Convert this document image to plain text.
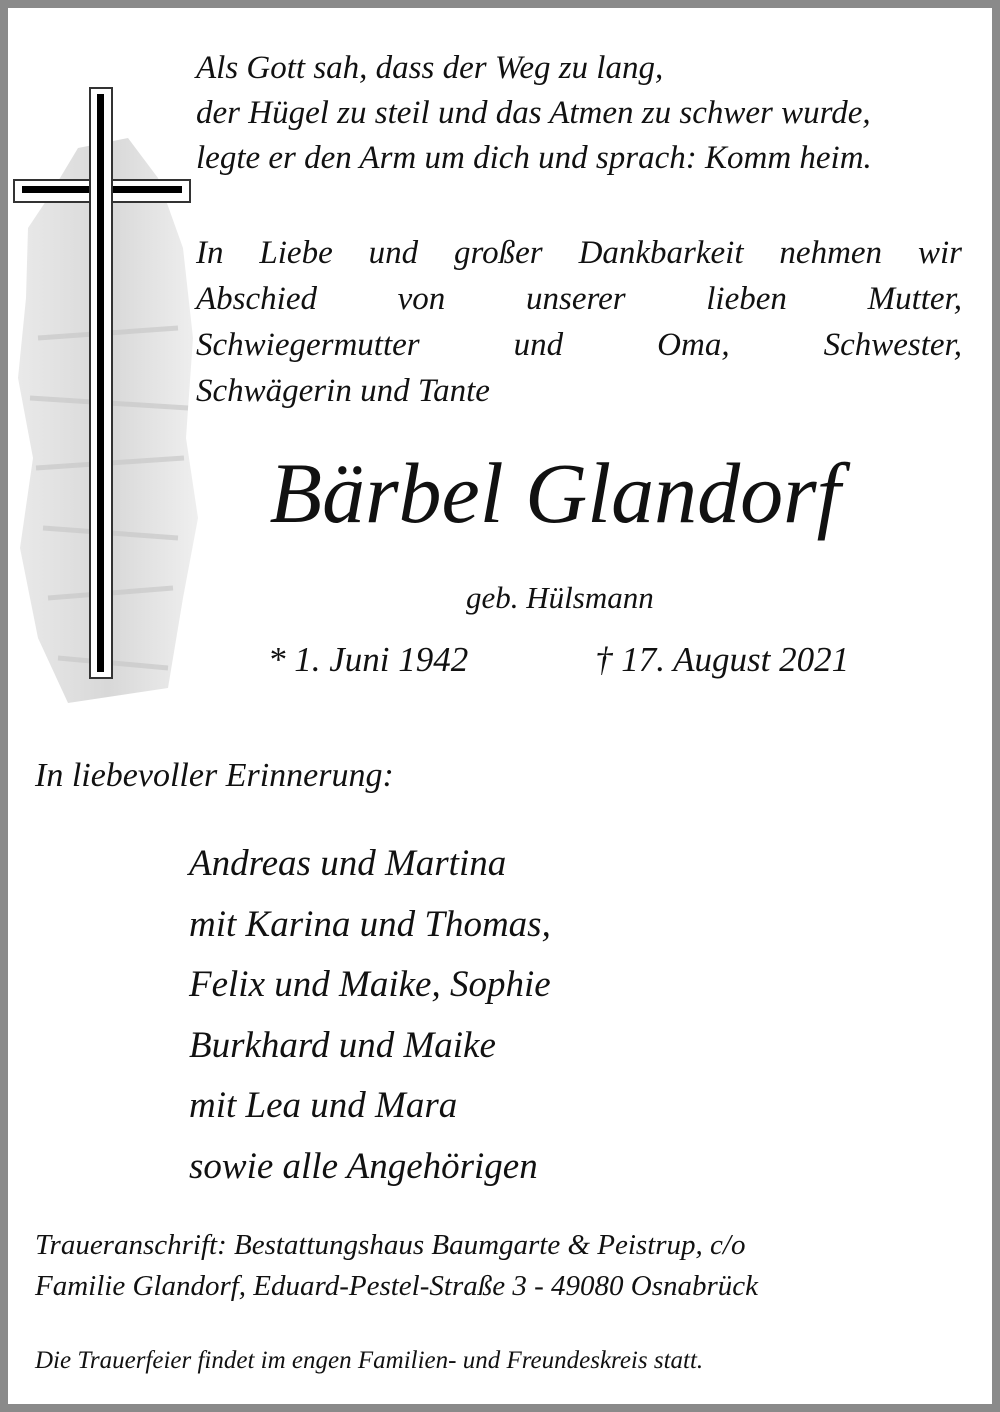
Als Gott sah, dass der Weg zu lang,
der Hügel zu steil und das Atmen zu schwer wurde,
legte er den Arm um dich und sprach: Komm heim.
In Liebe und großer Dankbarkeit nehmen wir
Abschied von unserer lieben Mutter,
Schwiegermutter und Oma, Schwester,
Schwägerin und Tante
Bärbel Glandorf
geb. Hülsmann
* 1. Juni 1942	† 17. August 2021
In liebevoller Erinnerung:
Andreas und Martina
mit Karina und Thomas,
Felix und Maike, Sophie
Burkhard und Maike
mit Lea und Mara
sowie alle Angehörigen
Traueranschrift: Bestattungshaus Baumgarte & Peistrup, c/o
Familie Glandorf, Eduard-Pestel-Straße 3 - 49080 Osnabrück
Die Trauerfeier findet im engen Familien- und Freundeskreis statt.
